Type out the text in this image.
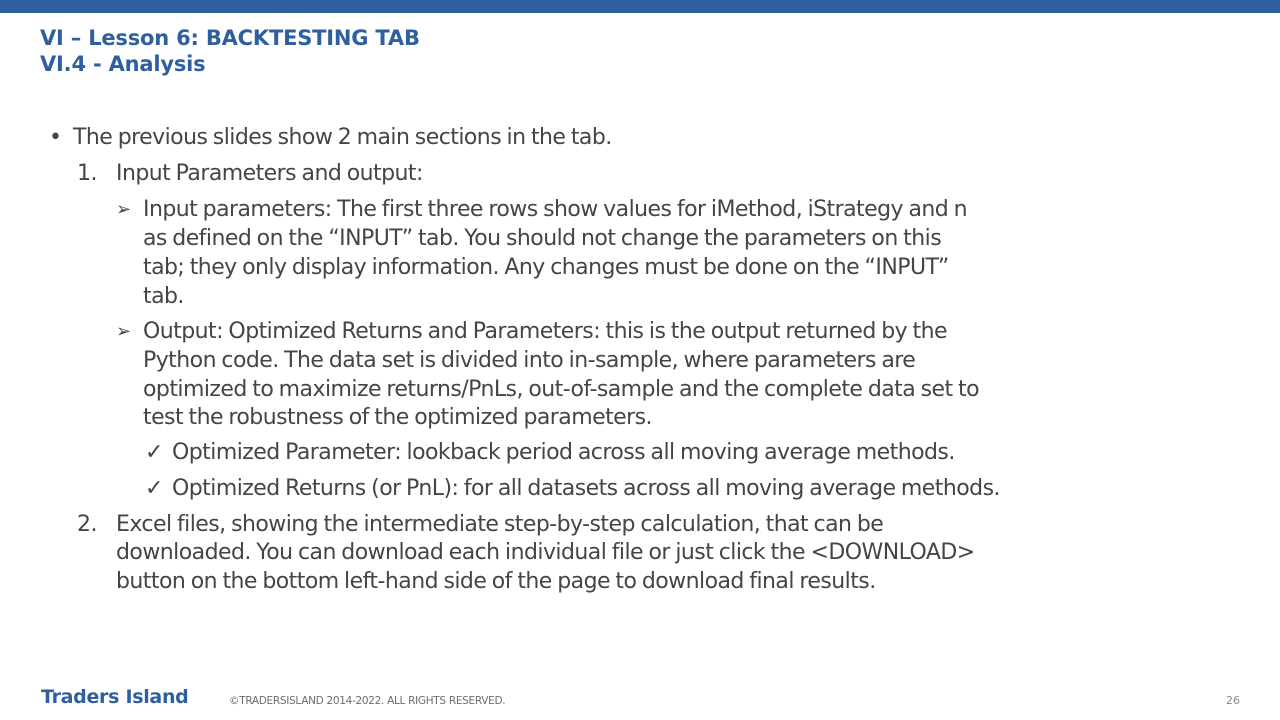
VI – Lesson 6: BACKTESTING TAB
VI.4 - Analysis
• The previous slides show 2 main sections in the tab.
1. Input Parameters and output:
➢ Input parameters: The first three rows show values for iMethod, iStrategy and n
as defined on the “INPUT” tab. You should not change the parameters on this
tab; they only display information. Any changes must be done on the “INPUT”
tab.
➢ Output: Optimized Returns and Parameters: this is the output returned by the
Python code. The data set is divided into in-sample, where parameters are
optimized to maximize returns/PnLs, out-of-sample and the complete data set to
test the robustness of the optimized parameters.
✓ Optimized Parameter: lookback period across all moving average methods.
✓ Optimized Returns (or PnL): for all datasets across all moving average methods.
2. Excel files, showing the intermediate step-by-step calculation, that can be
downloaded. You can download each individual file or just click the <DOWNLOAD>
button on the bottom left-hand side of the page to download final results.
Traders Island	©TRADERSISLAND 2014-2022. ALL RIGHTS RESERVED.	26
